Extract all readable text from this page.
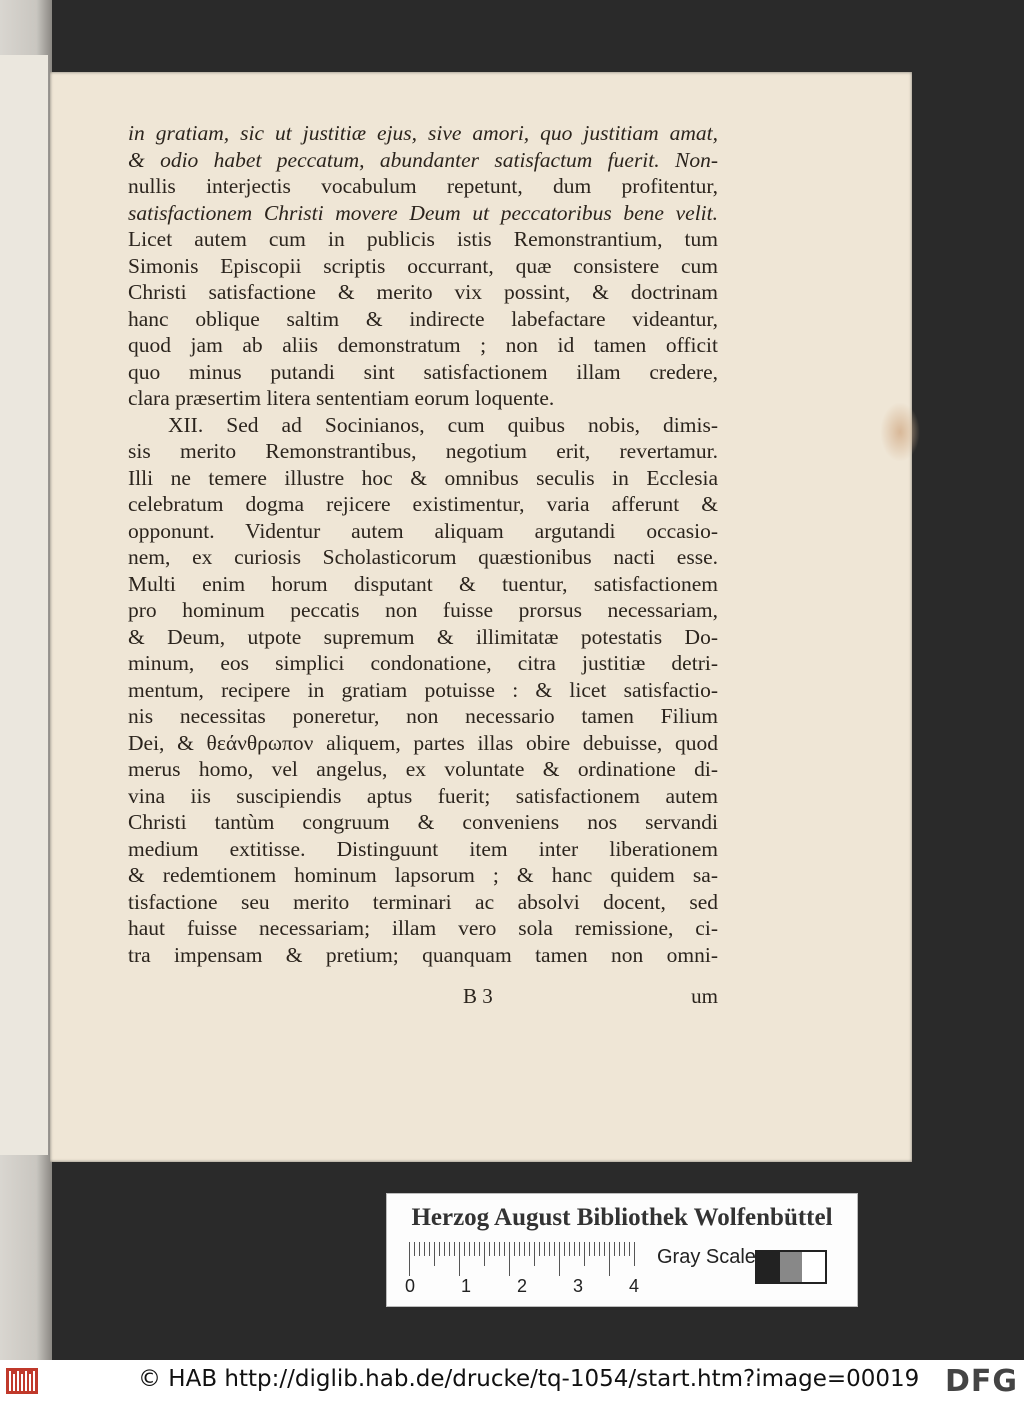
in gratiam, sic ut justitiæ ejus, sive amori, quo justitiam amat,
& odio habet peccatum, abundanter satisfactum fuerit. Non-
nullis interjectis vocabulum repetunt, dum profitentur,
satisfactionem Christi movere Deum ut peccatoribus bene velit.
Licet autem cum in publicis istis Remonstrantium, tum
Simonis Episcopii scriptis occurrant, quæ consistere cum
Christi satisfactione & merito vix possint, & doctrinam
hanc oblique saltim & indirecte labefactare videantur,
quod jam ab aliis demonstratum ; non id tamen officit
quo minus putandi sint satisfactionem illam credere,
clara præsertim litera sententiam eorum loquente.
XII. Sed ad Socinianos, cum quibus nobis, dimis-
sis merito Remonstrantibus, negotium erit, revertamur.
Illi ne temere illustre hoc & omnibus seculis in Ecclesia
celebratum dogma rejicere existimentur, varia afferunt &
opponunt. Videntur autem aliquam argutandi occasio-
nem, ex curiosis Scholasticorum quæstionibus nacti esse.
Multi enim horum disputant & tuentur, satisfactionem
pro hominum peccatis non fuisse prorsus necessariam,
& Deum, utpote supremum & illimitatæ potestatis Do-
minum, eos simplici condonatione, citra justitiæ detri-
mentum, recipere in gratiam potuisse : & licet satisfactio-
nis necessitas poneretur, non necessario tamen Filium
Dei, & θεάνθρωπον aliquem, partes illas obire debuisse, quod
merus homo, vel angelus, ex voluntate & ordinatione di-
vina iis suscipiendis aptus fuerit; satisfactionem autem
Christi tantùm congruum & conveniens nos servandi
medium extitisse. Distinguunt item inter liberationem
& redemtionem hominum lapsorum ; & hanc quidem sa-
tisfactione seu merito terminari ac absolvi docent, sed
haut fuisse necessariam; illam vero sola remissione, ci-
tra impensam & pretium; quanquam tamen non omni-
B 3	um
Herzog August Bibliothek Wolfenbüttel
0	1	2	3	4
Gray Scale
© HAB http://diglib.hab.de/drucke/tq-1054/start.htm?image=00019 DFG
